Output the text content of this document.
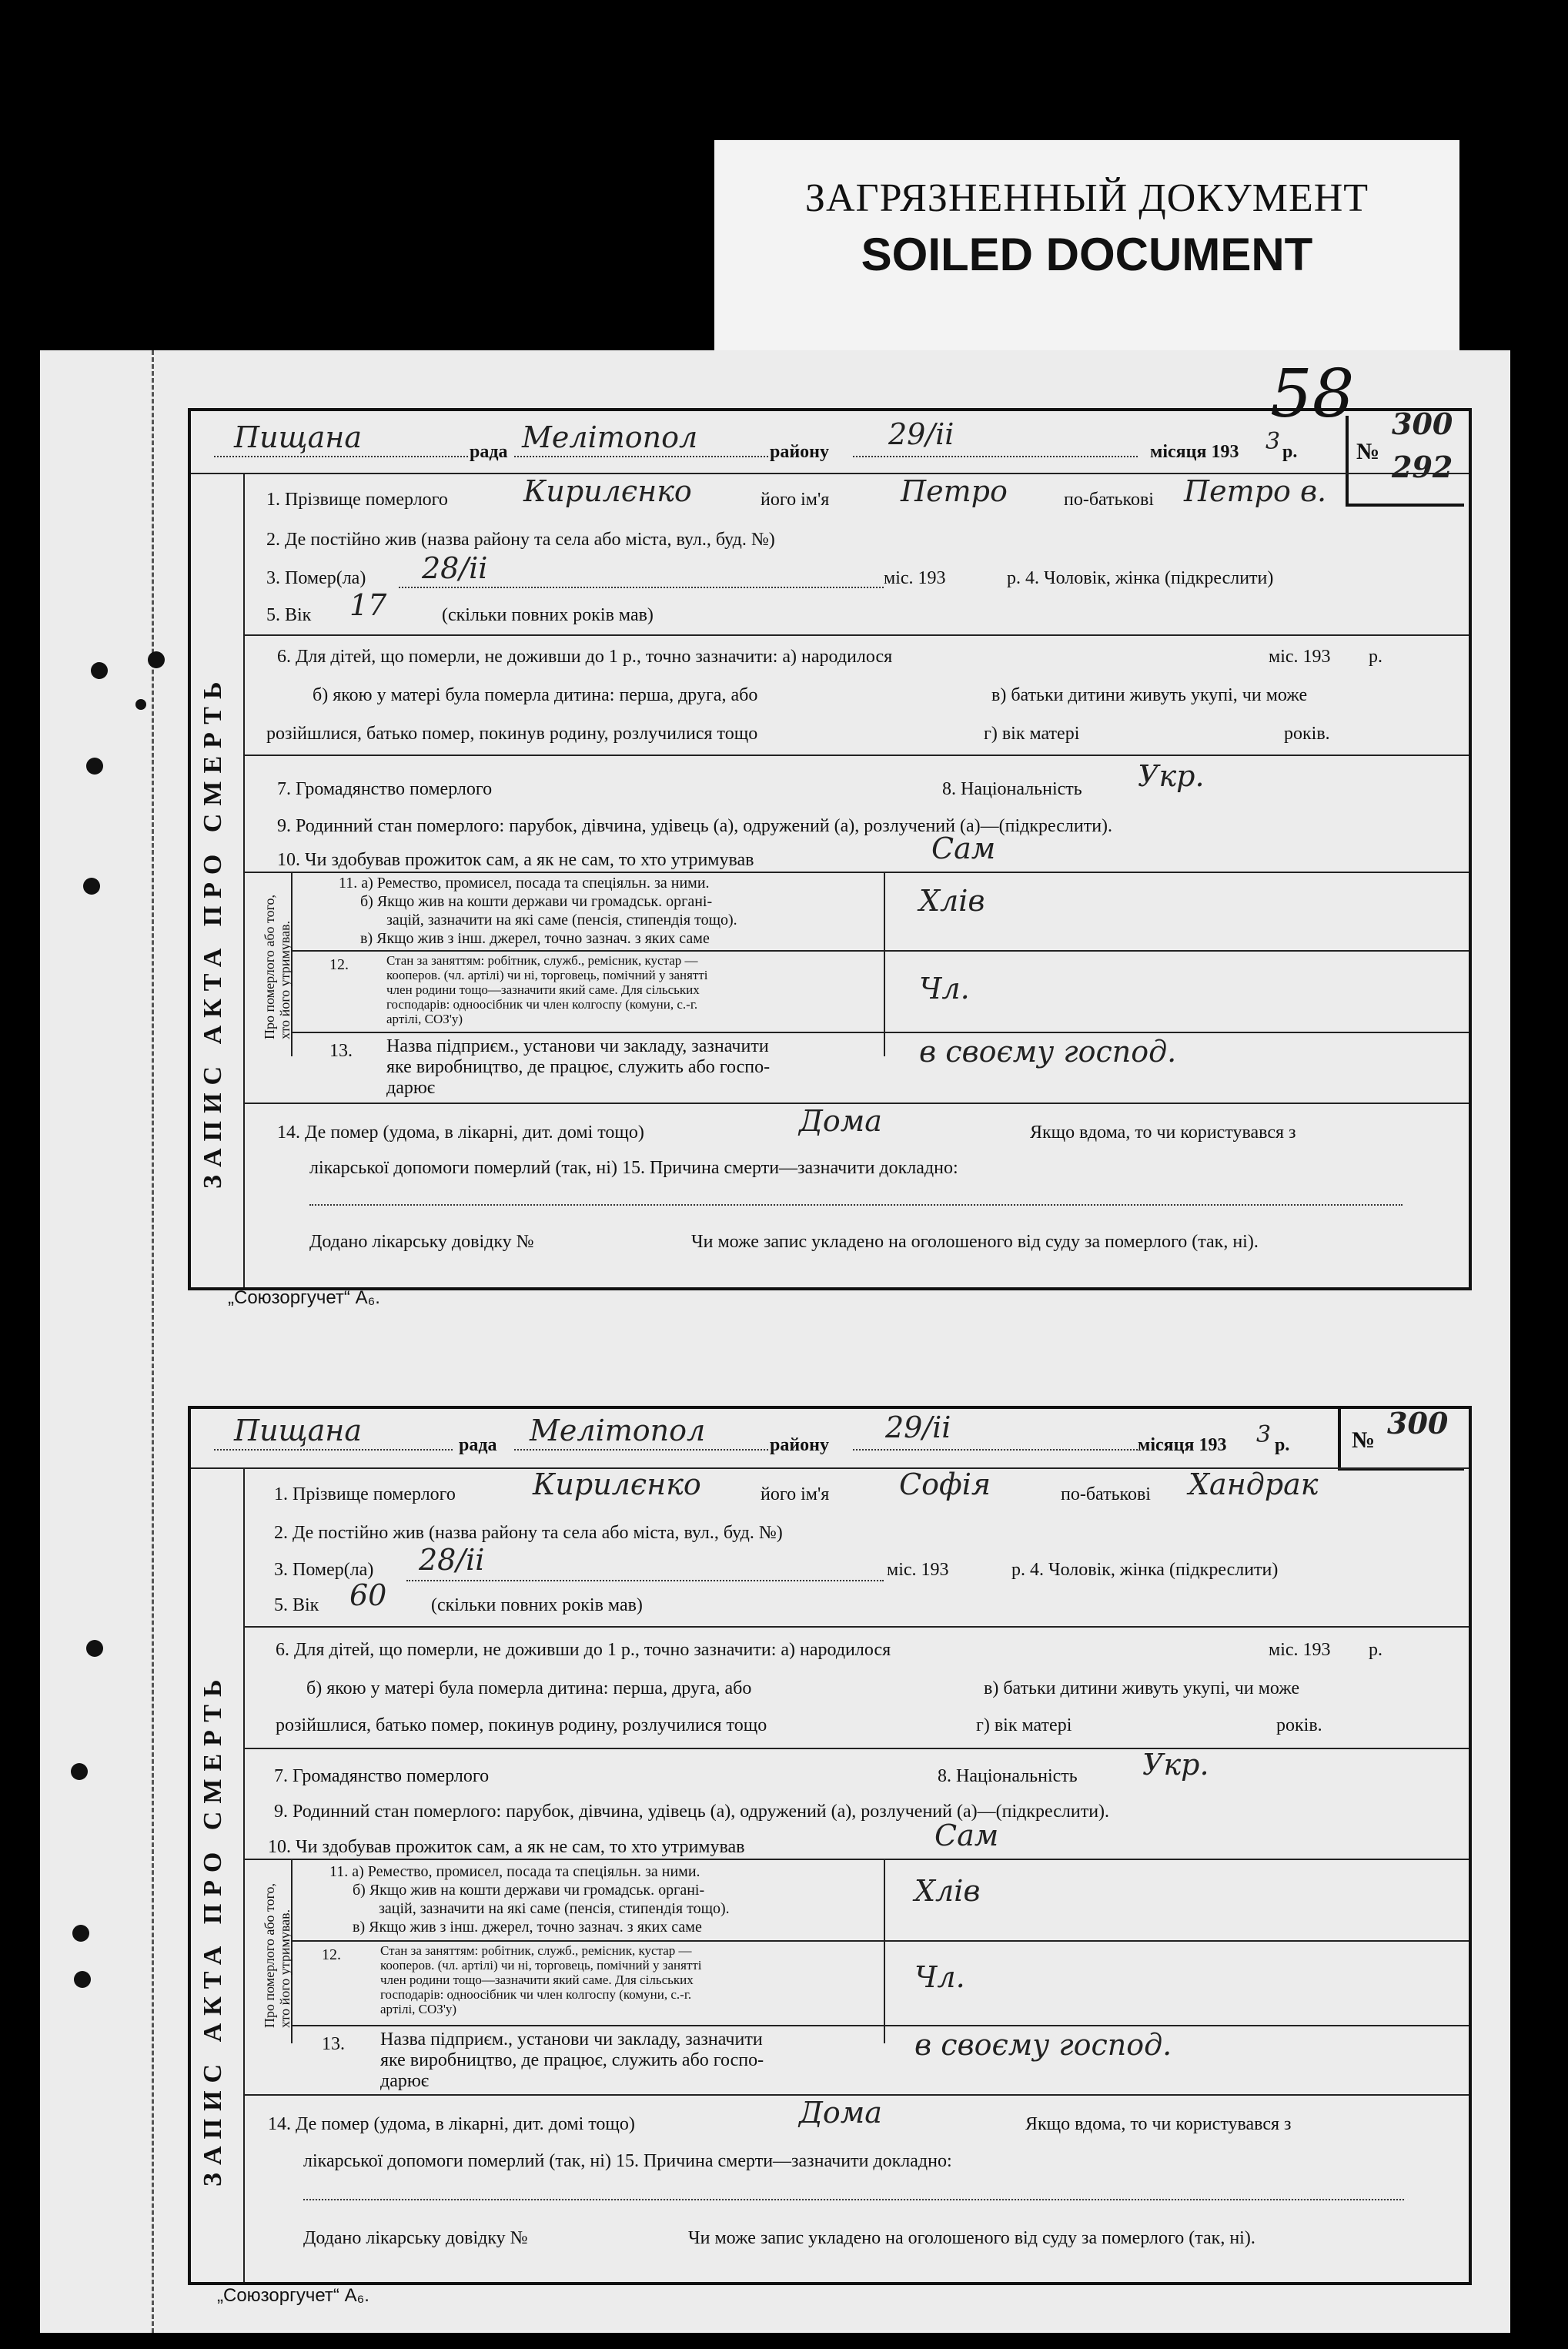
ЗАГРЯЗНЕННЫЙ ДОКУМЕНТ
SOILED DOCUMENT
58
Пищана	рада Мелітопол	району
29/іі
місяця 193 3 р.	№
300
292
ЗАПИС АКТА ПРО СМЕРТЬ
1. Прізвище померлого	Кирилєнко	його ім'я Петро	по-батькові Петро в.
2. Де постійно жив (назва району та села або міста, вул., буд. №)
3. Помер(ла) 28/іі	міс. 193	р. 4. Чоловік, жінка (підкреслити)
5. Вік 17	(скільки повних років мав)
6. Для дітей, що померли, не доживши до 1 р., точно зазначити: а) народилося	міс. 193 р.
б) якою у матері була померла дитина: перша, друга, або	в) батьки дитини живуть укупі, чи може
розійшлися, батько помер, покинув родину, розлучилися тощо	г) вік матері	років.
7. Громадянство померлого	8. Національність Укр.
9. Родинний стан померлого: парубок, дівчина, удівець (а), одружений (а), розлучений (а)—(підкреслити).
10. Чи здобував прожиток сам, а як не сам, то хто утримував	Сам
Про померлого або того, хто його утримував.
11. а) Ремество, промисел, посада та спеціяльн. за ними.
б) Якщо жив на кошти держави чи громадськ. органі-
зацій, зазначити на які саме (пенсія, стипендія тощо).
в) Якщо жив з інш. джерел, точно зазнач. з яких саме
Хлів
12.	Стан за заняттям: робітник, служб., ремісник, кустар —
кооперов. (чл. артілі) чи ні, торговець, помічний у занятті
член родини тощо—зазначити який саме. Для сільських
господарів: одноосібник чи член колгоспу (комуни, с.-г.
артілі, СОЗ'у)
Чл.
13. Назва підприєм., установи чи закладу, зазначити
яке виробництво, де працює, служить або госпо-
дарює
в своєму господ.
14. Де помер (удома, в лікарні, дит. домі тощо)	Дома	Якщо вдома, то чи користувався з
лікарської допомоги померлий (так, ні) 15. Причина смерти—зазначити докладно:
Додано лікарську довідку №	Чи може запис укладено на оголошеного від суду за померлого (так, ні).
„Союзоргучет“ А₆.
Пищана	рада Мелітопол	району
29/іі
місяця 193 3 р.	№ 300
ЗАПИС АКТА ПРО СМЕРТЬ
1. Прізвище померлого	Кирилєнко	його ім'я Софія	по-батькові Хандрак
2. Де постійно жив (назва району та села або міста, вул., буд. №)
3. Помер(ла) 28/іі	міс. 193	р. 4. Чоловік, жінка (підкреслити)
5. Вік 60 (скільки повних років мав)
6. Для дітей, що померли, не доживши до 1 р., точно зазначити: а) народилося	міс. 193 р.
б) якою у матері була померла дитина: перша, друга, або	в) батьки дитини живуть укупі, чи може
розійшлися, батько помер, покинув родину, розлучилися тощо	г) вік матері	років.
7. Громадянство померлого	8. Національність Укр.
9. Родинний стан померлого: парубок, дівчина, удівець (а), одружений (а), розлучений (а)—(підкреслити).
10. Чи здобував прожиток сам, а як не сам, то хто утримував	Сам
Про померлого або того, хто його утримував.
11. а) Ремество, промисел, посада та спеціяльн. за ними.
б) Якщо жив на кошти держави чи громадськ. органі-
зацій, зазначити на які саме (пенсія, стипендія тощо).
в) Якщо жив з інш. джерел, точно зазнач. з яких саме
Хлів
12.	Стан за заняттям: робітник, служб., ремісник, кустар —
кооперов. (чл. артілі) чи ні, торговець, помічний у занятті
член родини тощо—зазначити який саме. Для сільських
господарів: одноосібник чи член колгоспу (комуни, с.-г.
артілі, СОЗ'у)
Чл.
13. Назва підприєм., установи чи закладу, зазначити
яке виробництво, де працює, служить або госпо-
дарює
в своєму господ.
14. Де помер (удома, в лікарні, дит. домі тощо)	Дома	Якщо вдома, то чи користувався з
лікарської допомоги померлий (так, ні) 15. Причина смерти—зазначити докладно:
Додано лікарську довідку №	Чи може запис укладено на оголошеного від суду за померлого (так, ні).
„Союзоргучет“ А₆.
